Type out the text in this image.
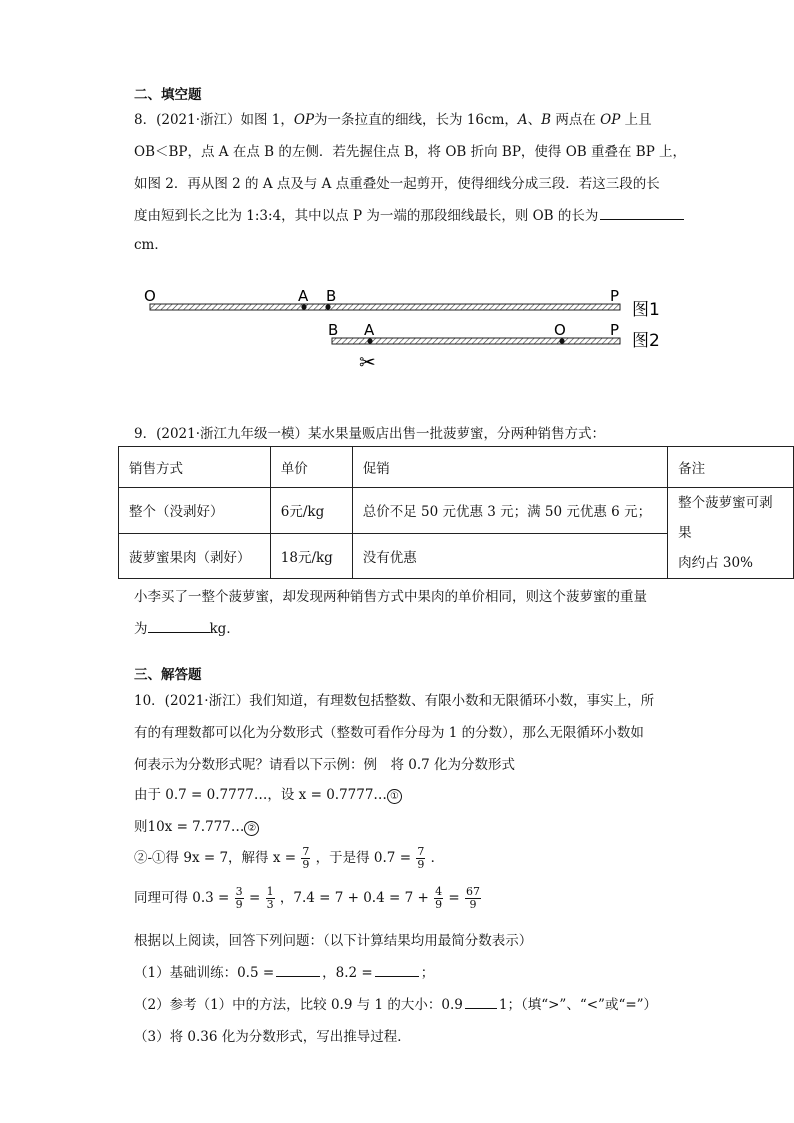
二、填空题
8．(2021·浙江）如图 1，OP为一条拉直的细线，长为 16cm，A、B 两点在 OP 上且
OB＜BP，点 A 在点 B 的左侧．若先握住点 B，将 OB 折向 BP，使得 OB 重叠在 BP 上，
如图 2．再从图 2 的 A 点及与 A 点重叠处一起剪开，使得细线分成三段．若这三段的长
度由短到长之比为 1:3:4，其中以点 P 为一端的那段细线最长，则 OB 的长为
cm．
O	A B	P
图1
B A	O	P
图2
✂
9．(2021·浙江九年级一模）某水果量贩店出售一批菠萝蜜，分两种销售方式：
销售方式	单价	促销	备注
整个（没剥好）	6元/kg	总价不足 50 元优惠 3 元；满 50 元优惠 6 元；	整个菠萝蜜可剥果
肉约占 30%

菠萝蜜果肉（剥好）	18元/kg	没有优惠	
小李买了一整个菠萝蜜，却发现两种销售方式中果肉的单价相同，则这个菠萝蜜的重量
为	kg．
三、解答题
10．(2021·浙江）我们知道，有理数包括整数、有限小数和无限循环小数，事实上，所
有的有理数都可以化为分数形式（整数可看作分母为 1 的分数），那么无限循环小数如
何表示为分数形式呢？请看以下示例：例　将 0.7 化为分数形式
由于 0.7 = 0.7777…，设 x = 0.7777… ①
则10x = 7.777… ②
②-①得 9x = 7，解得 $x = \frac{7}{9}$ ，于是得 $0.7 = \frac{7}{9}$ ．
同理可得 $0.3 = \frac{3}{9} = \frac{1}{3}$ ，$7.4 = 7 + 0.4 = 7 + \frac{4}{9} = \frac{67}{9}$
根据以上阅读，回答下列问题：（以下计算结果均用最简分数表示）
（1）基础训练：0.5 =	，8.2 =	；
（2）参考（1）中的方法，比较 0.9 与 1 的大小：0.9	1；（填“>”、“<”或“=”）
（3）将 0.36 化为分数形式，写出推导过程．
